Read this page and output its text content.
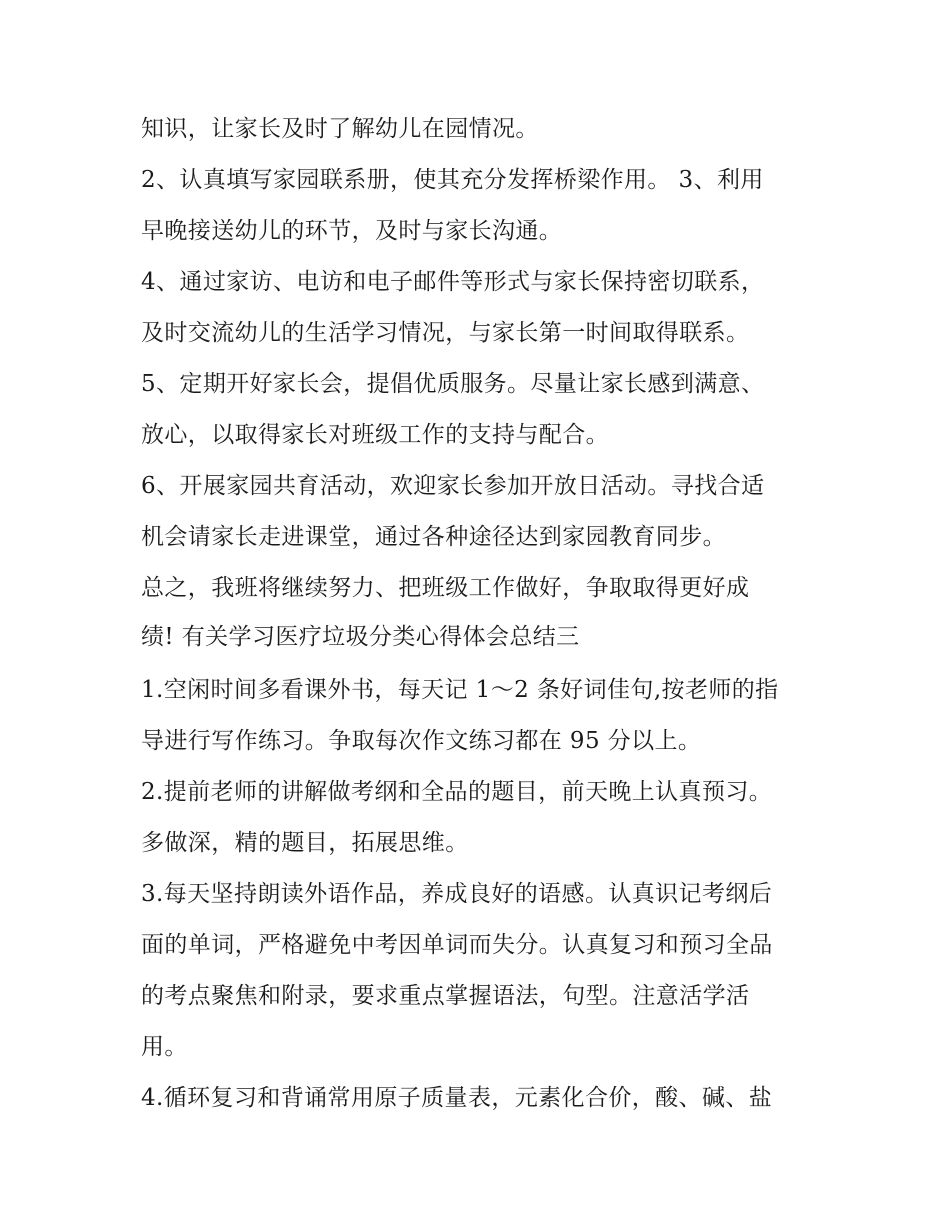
知识，让家长及时了解幼儿在园情况。
2、认真填写家园联系册，使其充分发挥桥梁作用。 3、利用
早晚接送幼儿的环节，及时与家长沟通。
4、通过家访、电访和电子邮件等形式与家长保持密切联系，
及时交流幼儿的生活学习情况，与家长第一时间取得联系。
5、定期开好家长会，提倡优质服务。尽量让家长感到满意、
放心，以取得家长对班级工作的支持与配合。
6、开展家园共育活动，欢迎家长参加开放日活动。寻找合适
机会请家长走进课堂，通过各种途径达到家园教育同步。
总之，我班将继续努力、把班级工作做好，争取取得更好成
绩! 有关学习医疗垃圾分类心得体会总结三
1.空闲时间多看课外书，每天记 1～2 条好词佳句,按老师的指
导进行写作练习。争取每次作文练习都在 95 分以上。
2.提前老师的讲解做考纲和全品的题目，前天晚上认真预习。
多做深，精的题目，拓展思维。
3.每天坚持朗读外语作品，养成良好的语感。认真识记考纲后
面的单词，严格避免中考因单词而失分。认真复习和预习全品
的考点聚焦和附录，要求重点掌握语法，句型。注意活学活
用。
4.循环复习和背诵常用原子质量表，元素化合价，酸、碱、盐
